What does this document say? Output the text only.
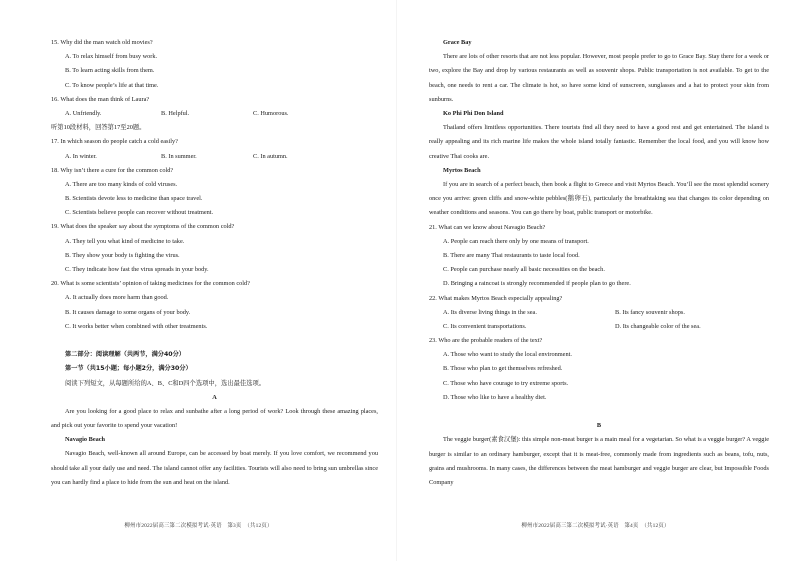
15. Why did the man watch old movies?
A. To relax himself from busy work.
B. To learn acting skills from them.
C. To know people’s life at that time.
16. What does the man think of Laura?
A. Unfriendly.	B. Helpful.	C. Humorous.
听第10段材料，回答第17至20题。
17. In which season do people catch a cold easily?
A. In winter.	B. In summer.	C. In autumn.
18. Why isn’t there a cure for the common cold?
A. There are too many kinds of cold viruses.
B. Scientists devote less to medicine than space travel.
C. Scientists believe people can recover without treatment.
19. What does the speaker say about the symptoms of the common cold?
A. They tell you what kind of medicine to take.
B. They show your body is fighting the virus.
C. They indicate how fast the virus spreads in your body.
20. What is some scientists’ opinion of taking medicines for the common cold?
A. It actually does more harm than good.
B. It causes damage to some organs of your body.
C. It works better when combined with other treatments.
第二部分：阅读理解（共两节，满分40分）
第一节（共15小题；每小题2分，满分30分）
阅读下列短文，从每题所给的A、B、C和D四个选项中，选出最佳选项。
A
Are you looking for a good place to relax and sunbathe after a long period of work? Look through these amazing places, and pick out your favorite to spend your vacation!
Navagio Beach
Navagio Beach, well-known all around Europe, can be accessed by boat merely. If you love comfort, we recommend you should take all your daily use and need. The island cannot offer any facilities. Tourists will also need to bring sun umbrellas since you can hardly find a place to hide from the sun and heat on the island.
柳州市2022届高三第二次模拟考试·英语　第3页　（共12页）
Grace Bay
There are lots of other resorts that are not less popular. However, most people prefer to go to Grace Bay. Stay there for a week or two, explore the Bay and drop by various restaurants as well as souvenir shops. Public transportation is not available. To get to the beach, one needs to rent a car. The climate is hot, so have some kind of sunscreen, sunglasses and a hat to protect your skin from sunburns.
Ko Phi Phi Don Island
Thailand offers limitless opportunities. There tourists find all they need to have a good rest and get entertained. The island is really appealing and its rich marine life makes the whole island totally fantastic. Remember the local food, and you will know how creative Thai cooks are.
Myrtos Beach
If you are in search of a perfect beach, then book a flight to Greece and visit Myrtos Beach. You’ll see the most splendid scenery once you arrive: green cliffs and snow-white pebbles(鹅卵石), particularly the breathtaking sea that changes its color depending on weather conditions and seasons. You can go there by boat, public transport or motorbike.
21. What can we know about Navagio Beach?
A. People can reach there only by one means of transport.
B. There are many Thai restaurants to taste local food.
C. People can purchase nearly all basic necessities on the beach.
D. Bringing a raincoat is strongly recommended if people plan to go there.
22. What makes Myrtos Beach especially appealing?
A. Its diverse living things in the sea.	B. Its fancy souvenir shops.
C. Its convenient transportations.	D. Its changeable color of the sea.
23. Who are the probable readers of the text?
A. Those who want to study the local environment.
B. Those who plan to get themselves refreshed.
C. Those who have courage to try extreme sports.
D. Those who like to have a healthy diet.
B
The veggie burger(素食汉堡): this simple non-meat burger is a main meal for a vegetarian. So what is a veggie burger? A veggie burger is similar to an ordinary hamburger, except that it is meat-free, commonly made from ingredients such as beans, tofu, nuts, grains and mushrooms. In many cases, the differences between the meat hamburger and veggie burger are clear, but Impossible Foods Company
柳州市2022届高三第二次模拟考试·英语　第4页　（共12页）
